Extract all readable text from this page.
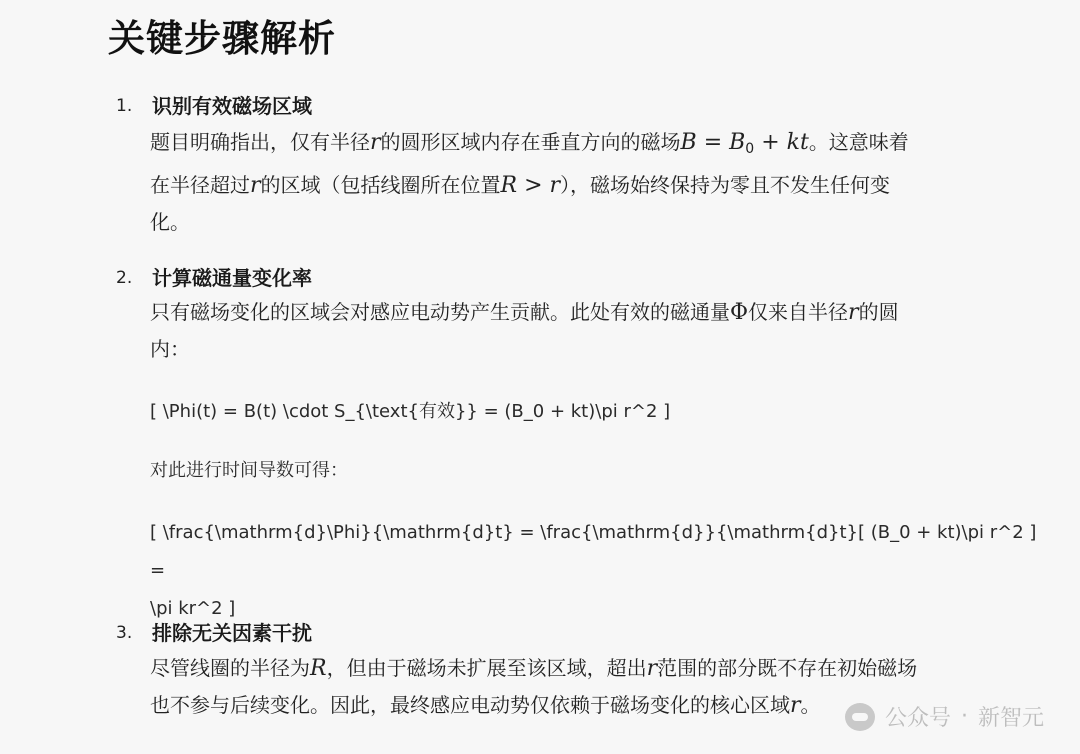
关键步骤解析
1. 识别有效磁场区域
题目明确指出，仅有半径r的圆形区域内存在垂直方向的磁场$B = B_0$ + kt。这意味着
在半径超过r的区域（包括线圈所在位置R > r），磁场始终保持为零且不发生任何变
化。
2. 计算磁通量变化率
只有磁场变化的区域会对感应电动势产生贡献。此处有效的磁通量Φ仅来自半径r的圆
内：
[ \Phi(t) = B(t) \cdot S_{\text{有效}} = (B_0 + kt)\pi r^2 ]
对此进行时间导数可得：
[ \frac{\mathrm{d}\Phi}{\mathrm{d}t} = \frac{\mathrm{d}}{\mathrm{d}t}[ (B_0 + kt)\pi r^2 ] =
\pi kr^2 ]
3. 排除无关因素干扰
尽管线圈的半径为R，但由于磁场未扩展至该区域，超出r范围的部分既不存在初始磁场
也不参与后续变化。因此，最终感应电动势仅依赖于磁场变化的核心区域r。
公众号 · 新智元
